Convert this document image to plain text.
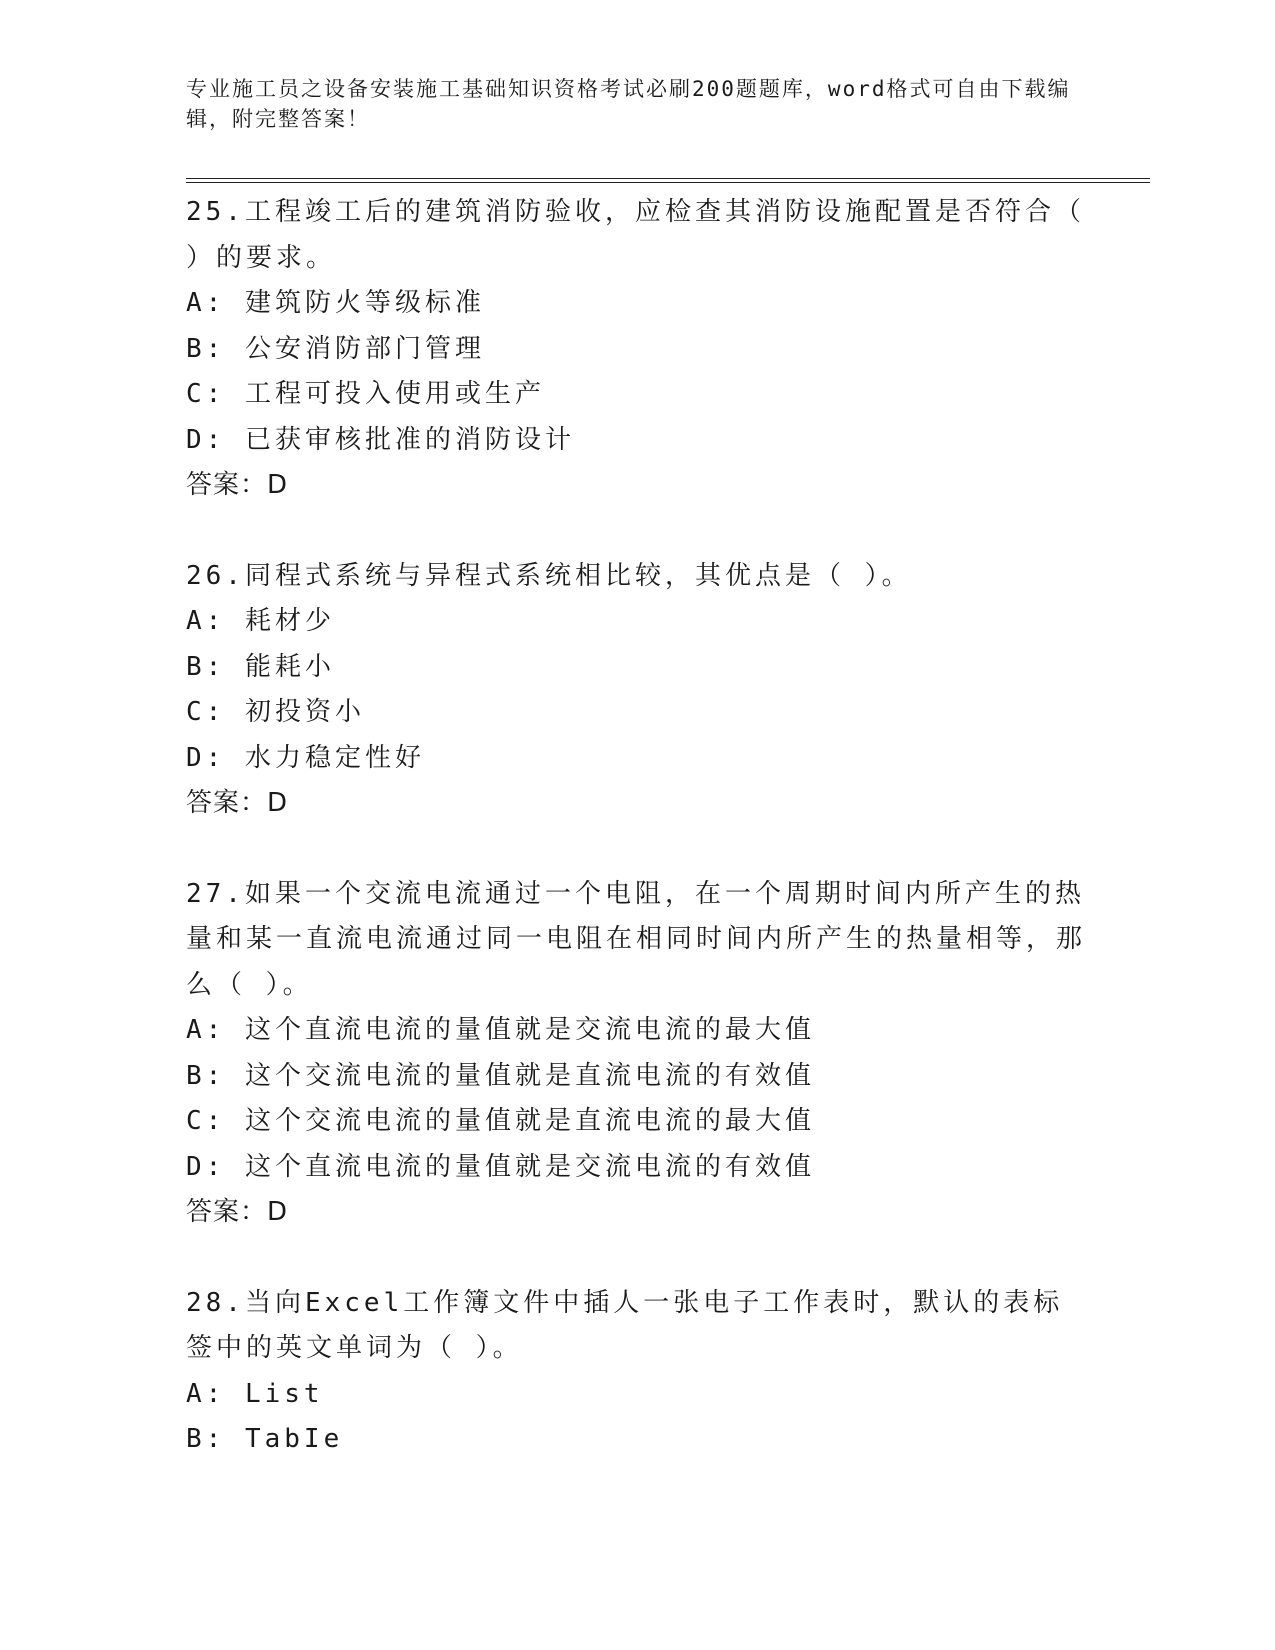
专业施工员之设备安装施工基础知识资格考试必刷200题题库，word格式可自由下载编辑，附完整答案！
25.工程竣工后的建筑消防验收，应检查其消防设施配置是否符合（ ）的要求。
A: 建筑防火等级标准
B: 公安消防部门管理
C: 工程可投入使用或生产
D: 已获审核批准的消防设计
答案：D
26.同程式系统与异程式系统相比较，其优点是（ ）。
A: 耗材少
B: 能耗小
C: 初投资小
D: 水力稳定性好
答案：D
27.如果一个交流电流通过一个电阻，在一个周期时间内所产生的热量和某一直流电流通过同一电阻在相同时间内所产生的热量相等，那么（ ）。
A: 这个直流电流的量值就是交流电流的最大值
B: 这个交流电流的量值就是直流电流的有效值
C: 这个交流电流的量值就是直流电流的最大值
D: 这个直流电流的量值就是交流电流的有效值
答案：D
28.当向Excel工作簿文件中插人一张电子工作表时，默认的表标签中的英文单词为（ ）。
A: List
B: TabIe
